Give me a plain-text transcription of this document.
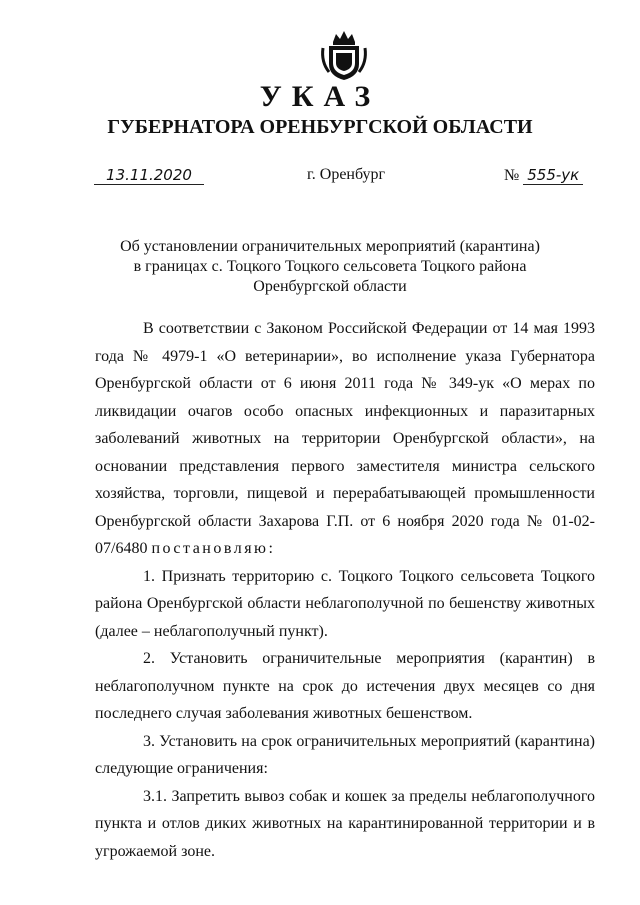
УКАЗ
ГУБЕРНАТОРА ОРЕНБУРГСКОЙ ОБЛАСТИ
13.11.2020	г. Оренбург	№ 555-ук
Об установлении ограничительных мероприятий (карантина)
в границах с. Тоцкого Тоцкого сельсовета Тоцкого района
Оренбургской области

В соответствии с Законом Российской Федерации от 14 мая 1993 года № 4979-1 «О ветеринарии», во исполнение указа Губернатора Оренбургской области от 6 июня 2011 года № 349-ук «О мерах по ликвидации очагов особо опасных инфекционных и паразитарных заболеваний животных на территории Оренбургской области», на основании представления первого заместителя министра сельского хозяйства, торговли, пищевой и перерабатывающей промышленности Оренбургской области Захарова Г.П. от 6 ноября 2020 года № 01-02-07/6480 постановляю:

1. Признать территорию с. Тоцкого Тоцкого сельсовета Тоцкого района Оренбургской области неблагополучной по бешенству животных (далее – неблагополучный пункт).

2. Установить ограничительные мероприятия (карантин) в неблагополучном пункте на срок до истечения двух месяцев со дня последнего случая заболевания животных бешенством.

3. Установить на срок ограничительных мероприятий (карантина) следующие ограничения:

3.1. Запретить вывоз собак и кошек за пределы неблагополучного пункта и отлов диких животных на карантинированной территории и в угрожаемой зоне.
